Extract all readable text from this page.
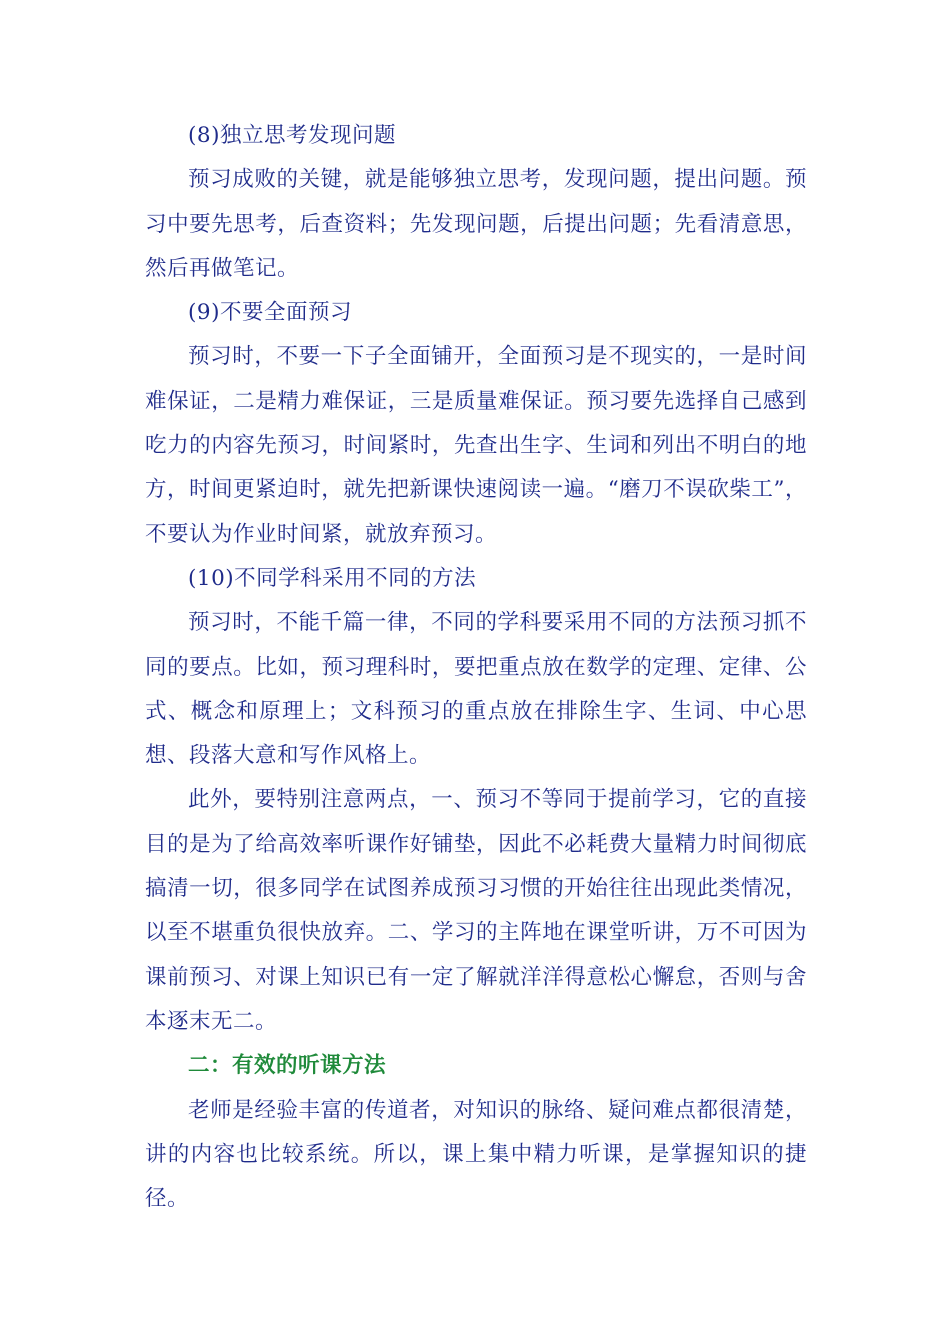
(8)独立思考发现问题

预习成败的关键，就是能够独立思考，发现问题，提出问题。预习中要先思考，后查资料；先发现问题，后提出问题；先看清意思，然后再做笔记。

(9)不要全面预习

预习时，不要一下子全面铺开，全面预习是不现实的，一是时间难保证，二是精力难保证，三是质量难保证。预习要先选择自己感到吃力的内容先预习，时间紧时，先查出生字、生词和列出不明白的地方，时间更紧迫时，就先把新课快速阅读一遍。“磨刀不误砍柴工”，不要认为作业时间紧，就放弃预习。

(10)不同学科采用不同的方法

预习时，不能千篇一律，不同的学科要采用不同的方法预习抓不同的要点。比如，预习理科时，要把重点放在数学的定理、定律、公式、概念和原理上；文科预习的重点放在排除生字、生词、中心思想、段落大意和写作风格上。

此外，要特别注意两点，一、预习不等同于提前学习，它的直接目的是为了给高效率听课作好铺垫，因此不必耗费大量精力时间彻底搞清一切，很多同学在试图养成预习习惯的开始往往出现此类情况，以至不堪重负很快放弃。二、学习的主阵地在课堂听讲，万不可因为课前预习、对课上知识已有一定了解就洋洋得意松心懈怠，否则与舍本逐末无二。

二：有效的听课方法

老师是经验丰富的传道者，对知识的脉络、疑问难点都很清楚，讲的内容也比较系统。所以，课上集中精力听课，是掌握知识的捷径。
